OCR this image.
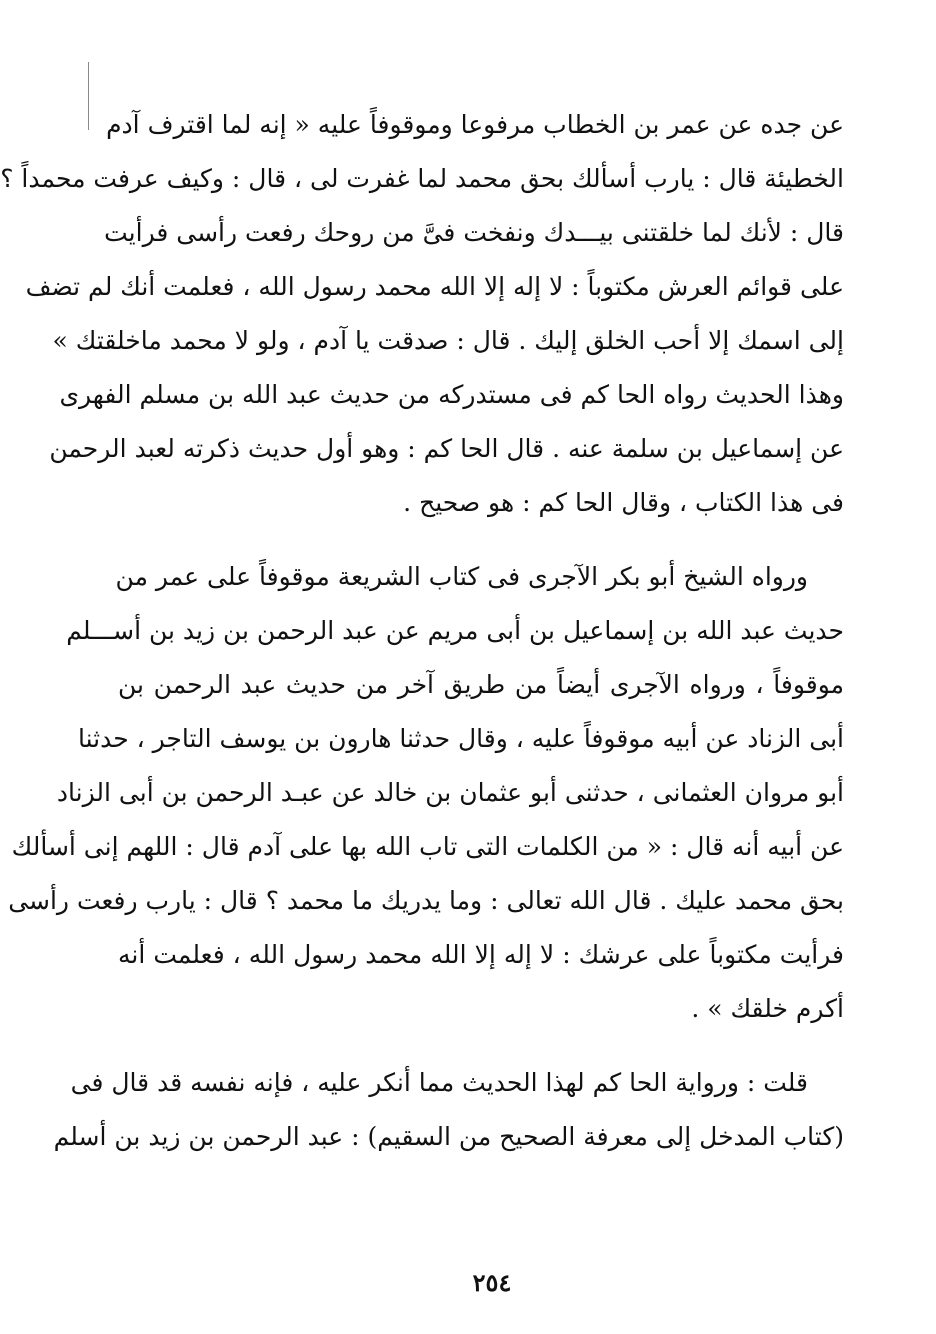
عن جده عن عمر بن الخطاب مرفوعا وموقوفاً عليه « إنه لما اقترف آدم
الخطيئة قال : يارب أسألك بحق محمد لما غفرت لى ، قال : وكيف عرفت محمداً ؟
قال : لأنك لما خلقتنى بيـــدك ونفخت فىَّ من روحك رفعت رأسى فرأيت
على قوائم العرش مكتوباً : لا إله إلا الله محمد رسول الله ، فعلمت أنك لم تضف
إلى اسمك إلا أحب الخلق إليك . قال : صدقت يا آدم ، ولو لا محمد ماخلقتك »
وهذا الحديث رواه الحا كم فى مستدركه من حديث عبد الله بن مسلم الفهرى
عن إسماعيل بن سلمة عنه . قال الحا كم : وهو أول حديث ذكرته لعبد الرحمن
فى هذا الكتاب ، وقال الحا كم : هو صحيح .
ورواه الشيخ أبو بكر الآجرى فى كتاب الشريعة موقوفاً على عمر من
حديث عبد الله بن إسماعيل بن أبى مريم عن عبد الرحمن بن زيد بن أســـلم
موقوفاً ، ورواه الآجرى أيضاً من طريق آخر من حديث عبد الرحمن بن
أبى الزناد عن أبيه موقوفاً عليه ، وقال حدثنا هارون بن يوسف التاجر ، حدثنا
أبو مروان العثمانى ، حدثنى أبو عثمان بن خالد عن عبـد الرحمن بن أبى الزناد
عن أبيه أنه قال : « من الكلمات التى تاب الله بها على آدم قال : اللهم إنى أسألك
بحق محمد عليك . قال الله تعالى : وما يدريك ما محمد ؟ قال : يارب رفعت رأسى
فرأيت مكتوباً على عرشك : لا إله إلا الله محمد رسول الله ، فعلمت أنه
أكرم خلقك » .
قلت : ورواية الحا كم لهذا الحديث مما أنكر عليه ، فإنه نفسه قد قال فى
(كتاب المدخل إلى معرفة الصحيح من السقيم) : عبد الرحمن بن زيد بن أسلم
٢٥٤
